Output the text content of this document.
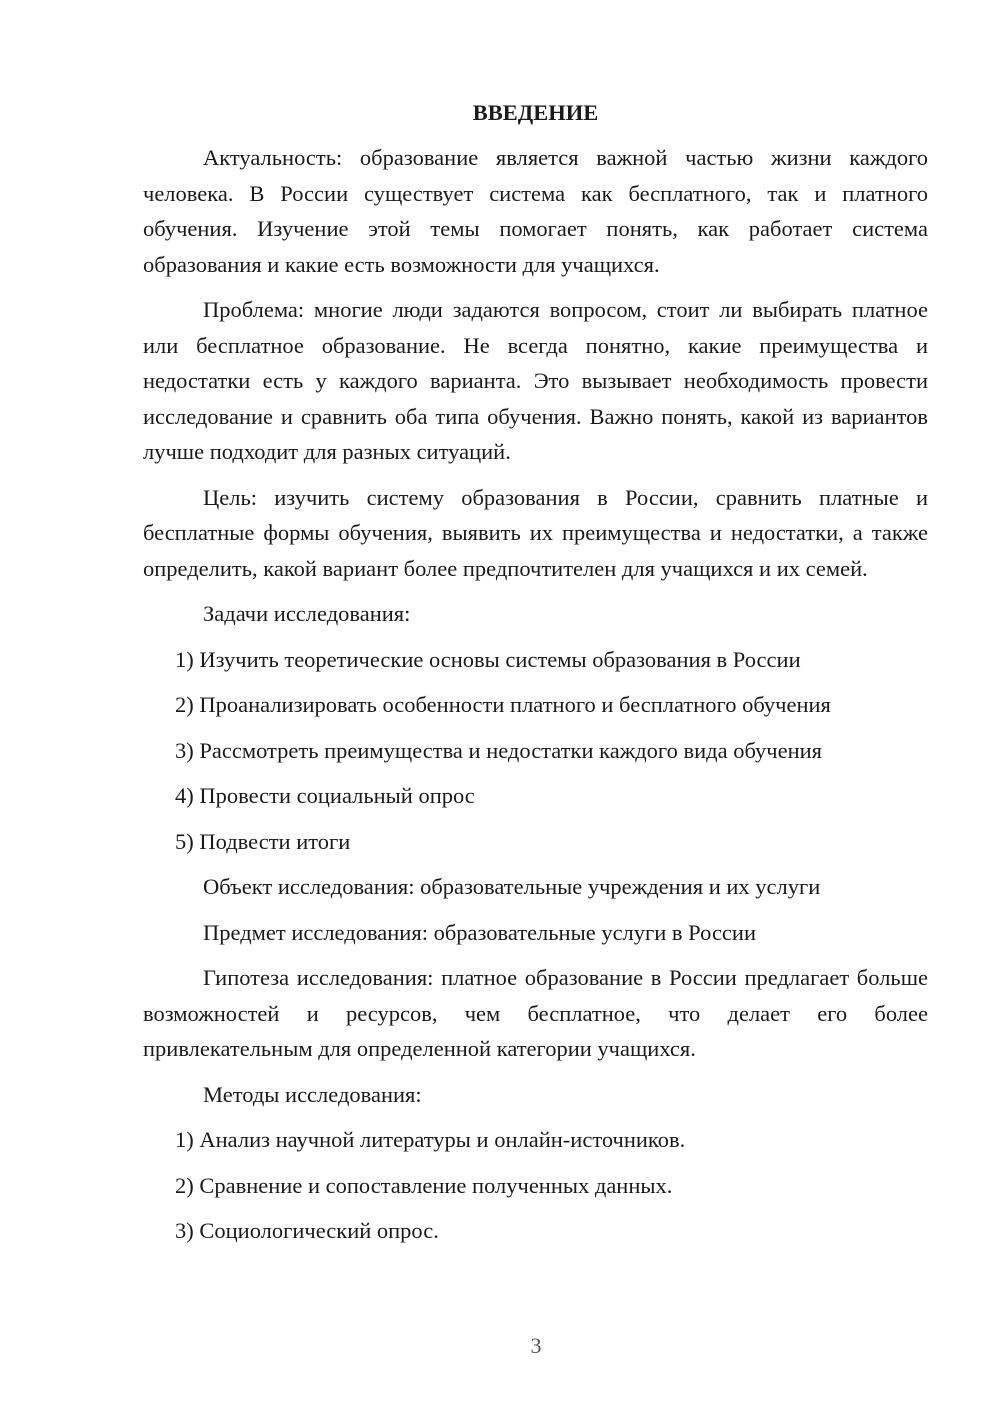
ВВЕДЕНИЕ

Актуальность: образование является важной частью жизни каждого человека. В России существует система как бесплатного, так и платного обучения. Изучение этой темы помогает понять, как работает система образования и какие есть возможности для учащихся.

Проблема: многие люди задаются вопросом, стоит ли выбирать платное или бесплатное образование. Не всегда понятно, какие преимущества и недостатки есть у каждого варианта. Это вызывает необходимость провести исследование и сравнить оба типа обучения. Важно понять, какой из вариантов лучше подходит для разных ситуаций.

Цель: изучить систему образования в России, сравнить платные и бесплатные формы обучения, выявить их преимущества и недостатки, а также определить, какой вариант более предпочтителен для учащихся и их семей.

Задачи исследования:
1) Изучить теоретические основы системы образования в России
2) Проанализировать особенности платного и бесплатного обучения
3) Рассмотреть преимущества и недостатки каждого вида обучения
4) Провести социальный опрос
5) Подвести итоги
Объект исследования: образовательные учреждения и их услуги
Предмет исследования: образовательные услуги в России

Гипотеза исследования: платное образование в России предлагает больше возможностей и ресурсов, чем бесплатное, что делает его более привлекательным для определенной категории учащихся.

Методы исследования:
1) Анализ научной литературы и онлайн-источников.
2) Сравнение и сопоставление полученных данных.
3) Социологический опрос.
3
